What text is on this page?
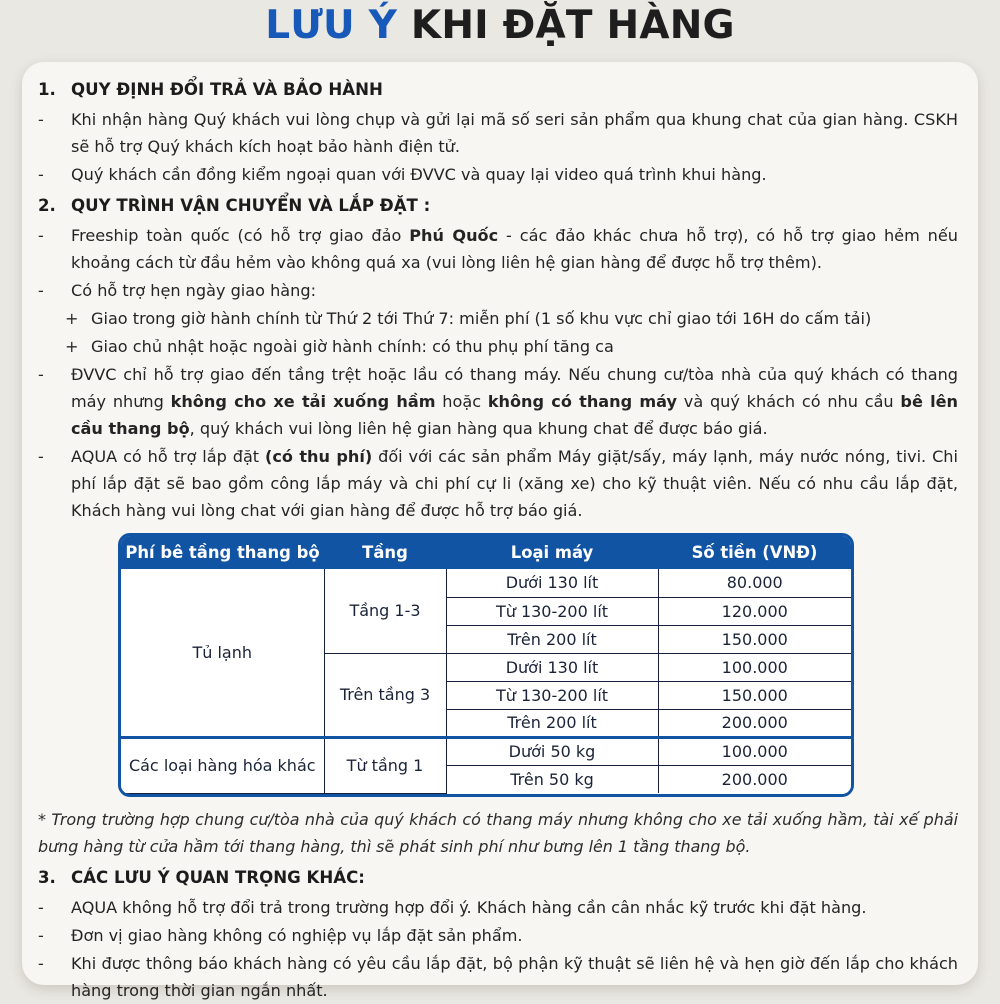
LƯU Ý KHI ĐẶT HÀNG
1. QUY ĐỊNH ĐỔI TRẢ VÀ BẢO HÀNH
-	Khi nhận hàng Quý khách vui lòng chụp và gửi lại mã số seri sản phẩm qua khung chat của gian hàng. CSKH sẽ hỗ trợ Quý khách kích hoạt bảo hành điện tử.
-	Quý khách cần đồng kiểm ngoại quan với ĐVVC và quay lại video quá trình khui hàng.
2. QUY TRÌNH VẬN CHUYỂN VÀ LẮP ĐẶT :
-	Freeship toàn quốc (có hỗ trợ giao đảo Phú Quốc - các đảo khác chưa hỗ trợ), có hỗ trợ giao hẻm nếu khoảng cách từ đầu hẻm vào không quá xa (vui lòng liên hệ gian hàng để được hỗ trợ thêm).
-	Có hỗ trợ hẹn ngày giao hàng:
+ Giao trong giờ hành chính từ Thứ 2 tới Thứ 7: miễn phí (1 số khu vực chỉ giao tới 16H do cấm tải)
+ Giao chủ nhật hoặc ngoài giờ hành chính: có thu phụ phí tăng ca
-	ĐVVC chỉ hỗ trợ giao đến tầng trệt hoặc lầu có thang máy. Nếu chung cư/tòa nhà của quý khách có thang máy nhưng không cho xe tải xuống hầm hoặc không có thang máy và quý khách có nhu cầu bê lên cầu thang bộ, quý khách vui lòng liên hệ gian hàng qua khung chat để được báo giá.
-	AQUA có hỗ trợ lắp đặt (có thu phí) đối với các sản phẩm Máy giặt/sấy, máy lạnh, máy nước nóng, tivi. Chi phí lắp đặt sẽ bao gồm công lắp máy và chi phí cự li (xăng xe) cho kỹ thuật viên. Nếu có nhu cầu lắp đặt, Khách hàng vui lòng chat với gian hàng để được hỗ trợ báo giá.
Phí bê tầng thang bộ	Tầng	Loại máy	Số tiền (VNĐ)
Tủ lạnh	Tầng 1-3	Dưới 130 lít	80.000
		Từ 130-200 lít	120.000
		Trên 200 lít	150.000
	Trên tầng 3	Dưới 130 lít	100.000
		Từ 130-200 lít	150.000
		Trên 200 lít	200.000
Các loại hàng hóa khác	Từ tầng 1	Dưới 50 kg	100.000
		Trên 50 kg	200.000
* Trong trường hợp chung cư/tòa nhà của quý khách có thang máy nhưng không cho xe tải xuống hầm, tài xế phải bưng hàng từ cửa hầm tới thang hàng, thì sẽ phát sinh phí như bưng lên 1 tầng thang bộ.
3. CÁC LƯU Ý QUAN TRỌNG KHÁC:
-	AQUA không hỗ trợ đổi trả trong trường hợp đổi ý. Khách hàng cần cân nhắc kỹ trước khi đặt hàng.
-	Đơn vị giao hàng không có nghiệp vụ lắp đặt sản phẩm.
-	Khi được thông báo khách hàng có yêu cầu lắp đặt, bộ phận kỹ thuật sẽ liên hệ và hẹn giờ đến lắp cho khách hàng trong thời gian ngắn nhất.
